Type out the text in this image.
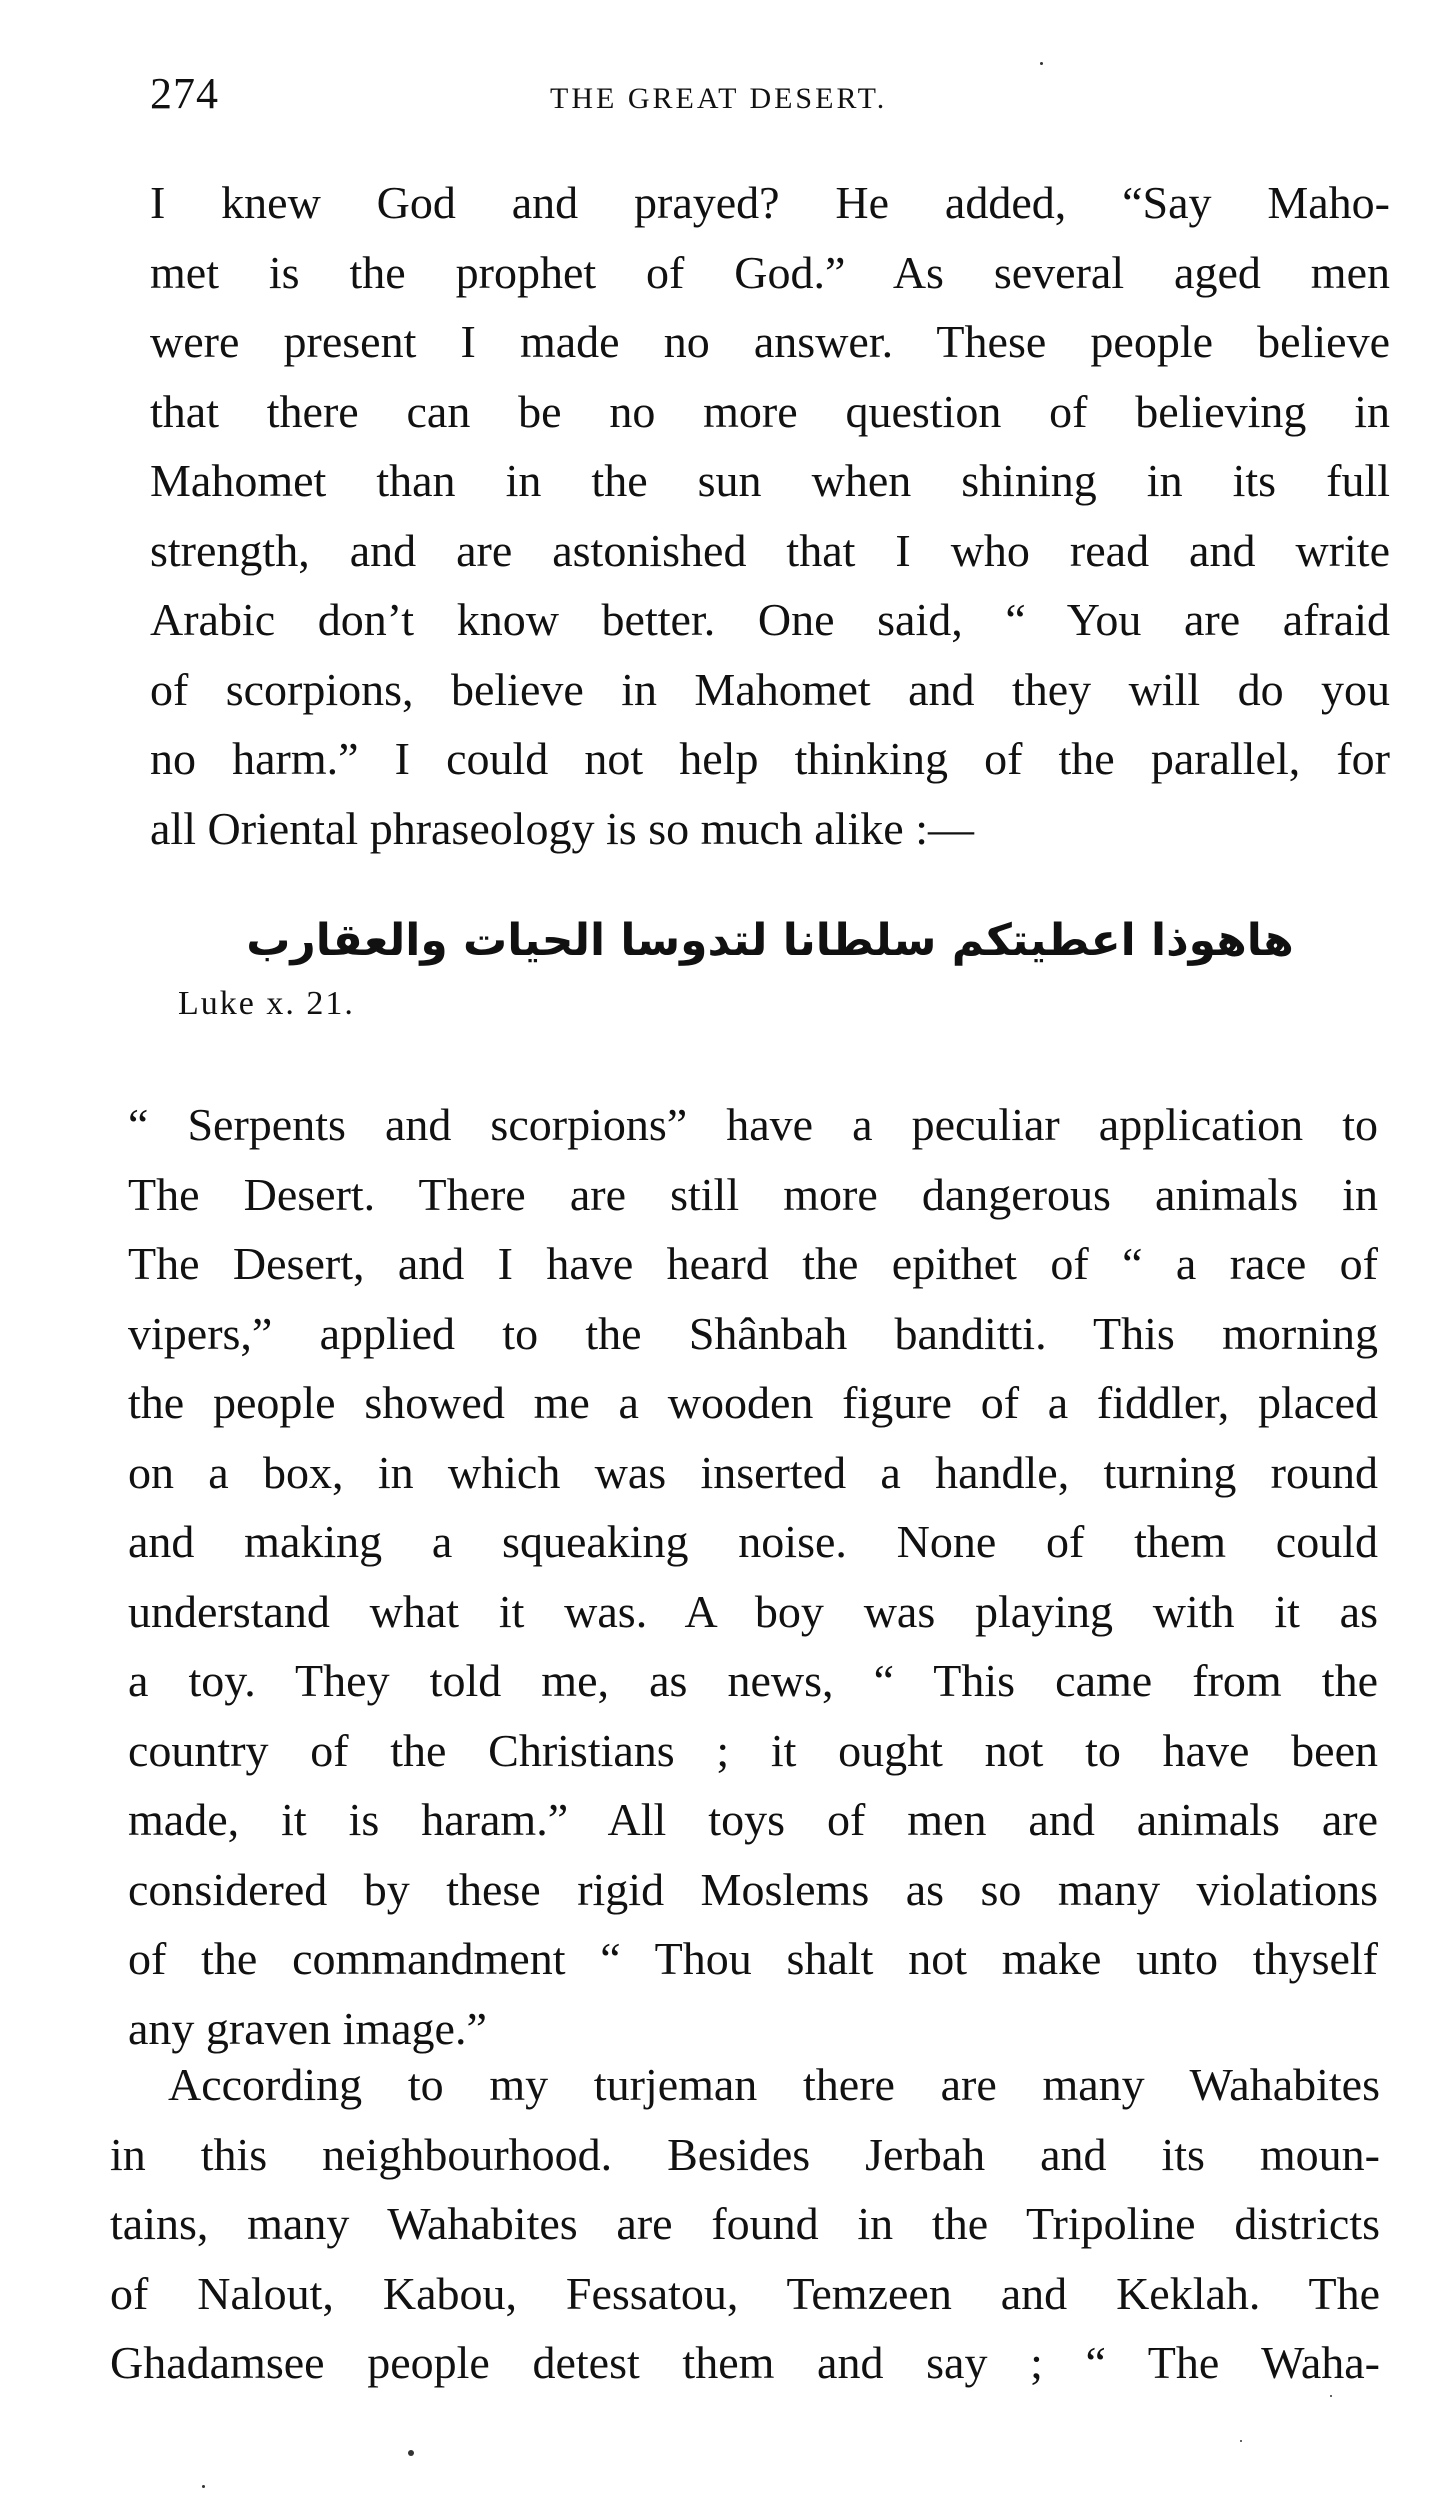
274	THE GREAT DESERT.
I knew God and prayed? He added, “Say Maho-
met is the prophet of God.” As several aged men
were present I made no answer. These people believe
that there can be no more question of believing in
Mahomet than in the sun when shining in its full
strength, and are astonished that I who read and write
Arabic don’t know better. One said, “ You are afraid
of scorpions, believe in Mahomet and they will do you
no harm.” I could not help thinking of the parallel, for
all Oriental phraseology is so much alike :—
هاهوذا اعطيتكم سلطانا لتدوسا الحيات والعقارب
Luke x. 21.
“ Serpents and scorpions” have a peculiar application to
The Desert. There are still more dangerous animals in
The Desert, and I have heard the epithet of “ a race of
vipers,” applied to the Shânbah banditti. This morning
the people showed me a wooden figure of a fiddler, placed
on a box, in which was inserted a handle, turning round
and making a squeaking noise. None of them could
understand what it was. A boy was playing with it as
a toy. They told me, as news, “ This came from the
country of the Christians ; it ought not to have been
made, it is haram.” All toys of men and animals are
considered by these rigid Moslems as so many violations
of the commandment “ Thou shalt not make unto thyself
any graven image.”
According to my turjeman there are many Wahabites
in this neighbourhood. Besides Jerbah and its moun-
tains, many Wahabites are found in the Tripoline districts
of Nalout, Kabou, Fessatou, Temzeen and Keklah. The
Ghadamsee people detest them and say ; “ The Waha-
